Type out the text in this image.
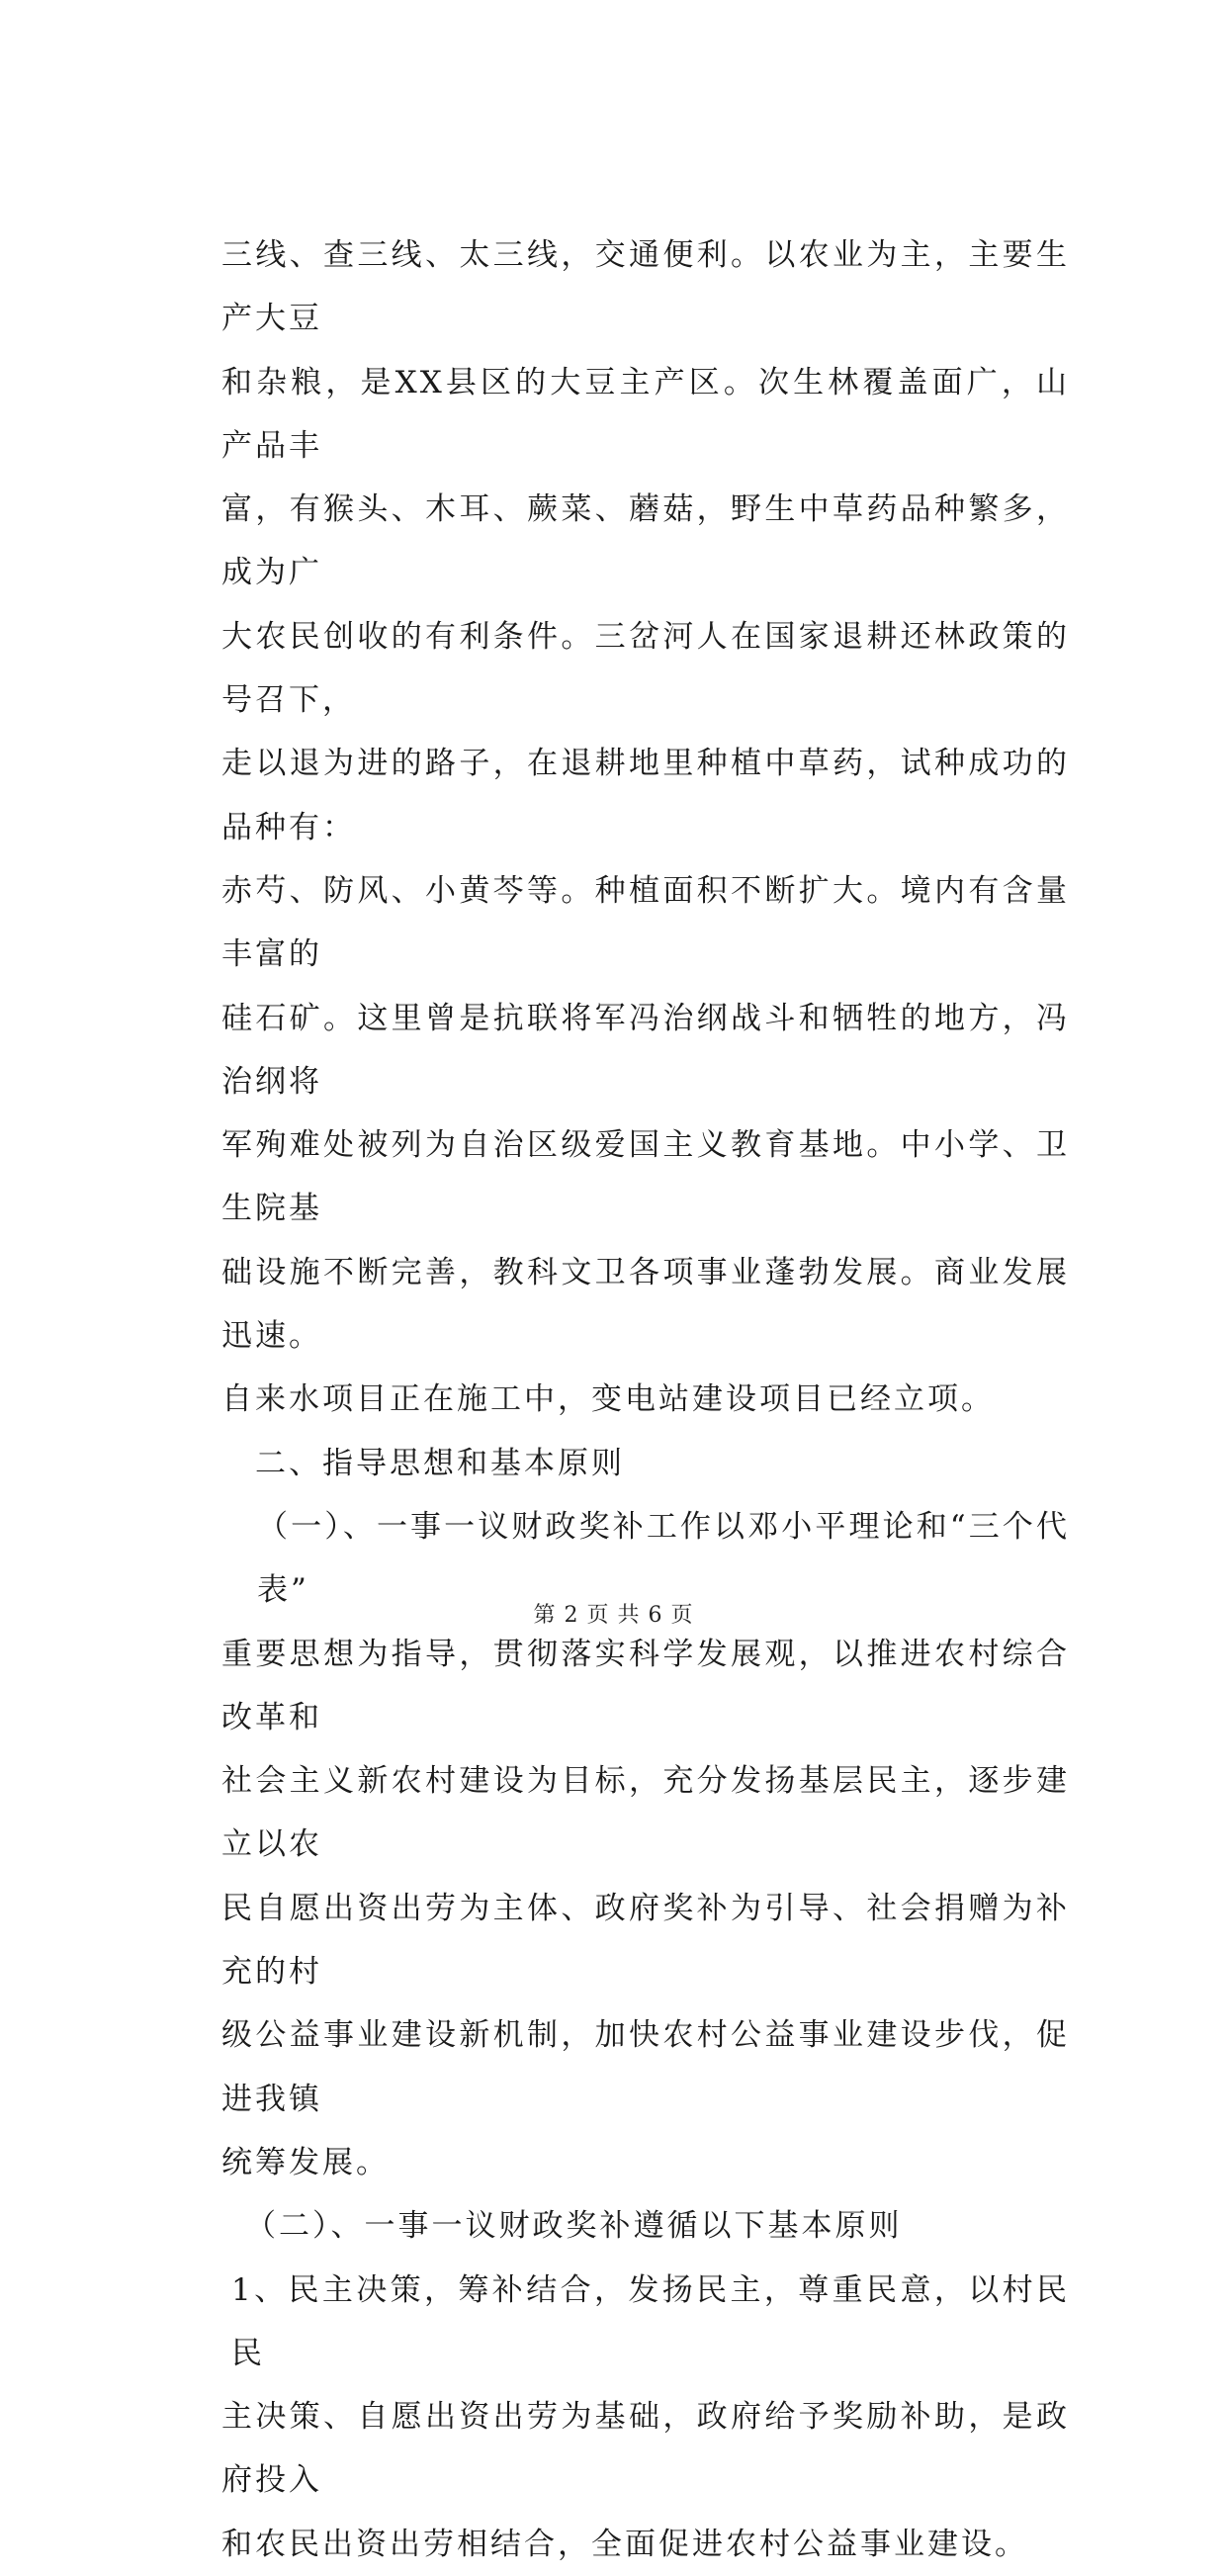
三线、查三线、太三线，交通便利。以农业为主，主要生产大豆
和杂粮，是XX县区的大豆主产区。次生林覆盖面广，山产品丰
富，有猴头、木耳、蕨菜、蘑菇，野生中草药品种繁多，成为广
大农民创收的有利条件。三岔河人在国家退耕还林政策的号召下，
走以退为进的路子，在退耕地里种植中草药，试种成功的品种有：
赤芍、防风、小黄芩等。种植面积不断扩大。境内有含量丰富的
硅石矿。这里曾是抗联将军冯治纲战斗和牺牲的地方，冯治纲将
军殉难处被列为自治区级爱国主义教育基地。中小学、卫生院基
础设施不断完善，教科文卫各项事业蓬勃发展。商业发展迅速。
自来水项目正在施工中，变电站建设项目已经立项。
二、指导思想和基本原则
（一）、一事一议财政奖补工作以邓小平理论和“三个代表”
重要思想为指导，贯彻落实科学发展观，以推进农村综合改革和
社会主义新农村建设为目标，充分发扬基层民主，逐步建立以农
民自愿出资出劳为主体、政府奖补为引导、社会捐赠为补充的村
级公益事业建设新机制，加快农村公益事业建设步伐，促进我镇
统筹发展。
（二）、一事一议财政奖补遵循以下基本原则
1、民主决策，筹补结合，发扬民主，尊重民意，以村民民
主决策、自愿出资出劳为基础，政府给予奖励补助，是政府投入
和农民出资出劳相结合，全面促进农村公益事业建设。
第 2 页 共 6 页
